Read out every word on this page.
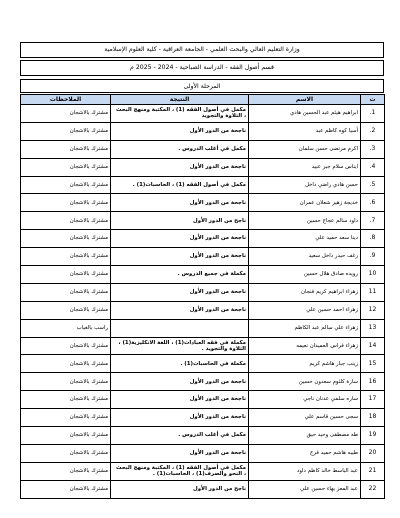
وزارة التعليم العالي والبحث العلمي - الجامعة العراقية - كلية العلوم الإسلامية
قسم أصول الفقه - الدراسة الصباحية - 2024 - 2025 م
المرحلة الأولى
ت	الاسم	النتيجة	الملاحظات
1.	ابراهيم هيثم عبد الحسين هادي	مكمل في أصول الفقه (1) ، المكتبة ومنهج البحث ، التلاوة والتجويد	مشترك بالاشجان
2.	أسيا كوه كاظم عبد	ناجحة من الدور الأول	مشترك بالاشجان
3.	اكرم مرتضى حسن سلمان	مكمل في أغلب الدروس .	مشترك بالاشجان
4.	ايناس سلام جبر عبيد	ناجحة من الدور الأول	مشترك بالاشجان
5.	حسن هادي راضي داخل	مكمل في أصول الفقه (1) ، الحاسبات(1) .	مشترك بالاشجان
6.	خديجة زهير شعلان عمران	ناجحة من الدور الأول	مشترك بالاشجان
7.	داود سالم عجاج حسين	ناجح من الدور الأول	مشترك بالاشجان
8.	دينا سعد حميد علي	ناجحة من الدور الأول	مشترك بالاشجان
9.	رغف حيدر داخل سعيد	ناجحة من الدور الأول	مشترك بالاشجان
10	رويده صادق هلال حسين	مكملة في جميع الدروس .	مشترك بالاشجان
11	زهراء ابراهيم كريم فنجان	ناجحة من الدور الأول	مشترك بالاشجان
12	زهراء احمد حسين علي	ناجحة من الدور الأول	مشترك بالاشجان
13	زهراء علي سالم عبد الكاظم		راسب بالغياب
14	زهراء فراس العميدان نعيمه	مكملة في فقه العبادات(1) ، اللغة الانكليزية(1) ، التلاوة والتجويد .	مشترك بالاشجان
15	زينب جبار هاشم كريم	مكملة في الحاسبات(1) .	مشترك بالاشجان
16	سارة كلثوم سعدون حسين	ناجحة من الدور الأول	مشترك بالاشجان
17	ساره سلمي عدنان ناجي	ناجحة من الدور الأول	مشترك بالاشجان
18	سجى حسين قاسم علي	ناجحة من الدور الأول	مشترك بالاشجان
19	طه مصطفى وحيد حيق	مكمل في أغلب الدروس .	مشترك بالاشجان
20	طيبه هاشم حميد فرج	ناجحة من الدور الأول	مشترك بالاشجان
21	عبد الباسط خالد كاظم داود	مكمل في أصول الفقه (1) ، المكتبة ومنهج البحث ، النحو والصرف(1) ، الحاسبات(1) .	مشترك بالاشجان
22	عبد المعز بهاء حسين علي	ناجح من الدور الأول	مشترك بالاشجان
